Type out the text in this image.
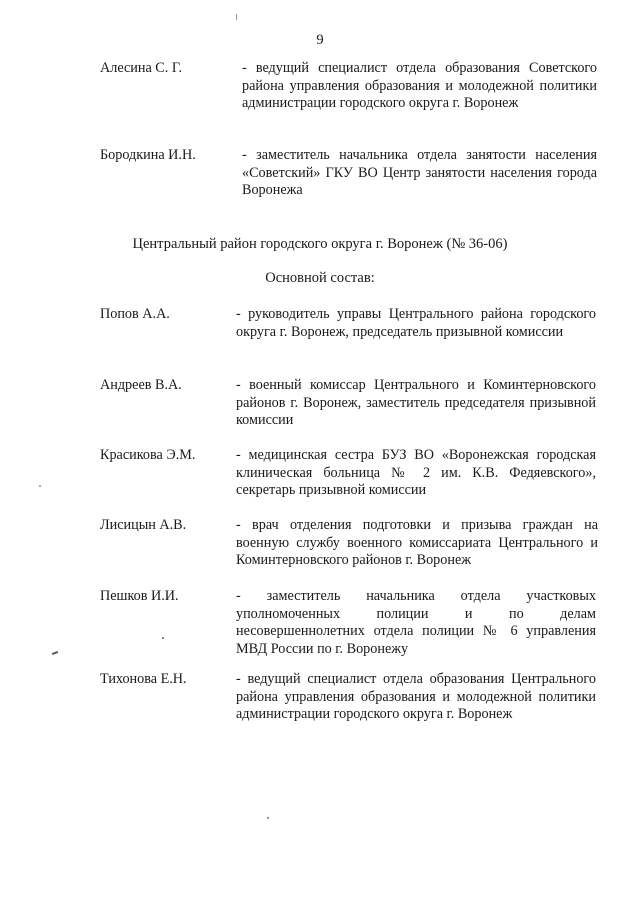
9
Алесина С. Г.	- ведущий специалист отдела образования Советского района управления образования и молодежной политики администрации городского округа г. Воронеж
Бородкина И.Н.	- заместитель начальника отдела занятости населения «Советский» ГКУ ВО Центр занятости населения города Воронежа
Центральный район городского округа г. Воронеж (№ 36-06)
Основной состав:
Попов А.А.	- руководитель управы Центрального района городского округа г. Воронеж, председатель призывной комиссии
Андреев В.А.	- военный комиссар Центрального и Коминтерновского районов г. Воронеж, заместитель председателя призывной комиссии
Красикова Э.М.	- медицинская сестра БУЗ ВО «Воронежская городская клиническая больница № 2 им. К.В. Федяевского», секретарь призывной комиссии
Лисицын А.В.	- врач отделения подготовки и призыва граждан на военную службу военного комиссариата Центрального и Коминтерновского районов г. Воронеж
Пешков И.И.	- заместитель начальника отдела участковых уполномоченных полиции и по делам несовершеннолетних отдела полиции № 6 управления МВД России по г. Воронежу
Тихонова Е.Н.	- ведущий специалист отдела образования Центрального района управления образования и молодежной политики администрации городского округа г. Воронеж
